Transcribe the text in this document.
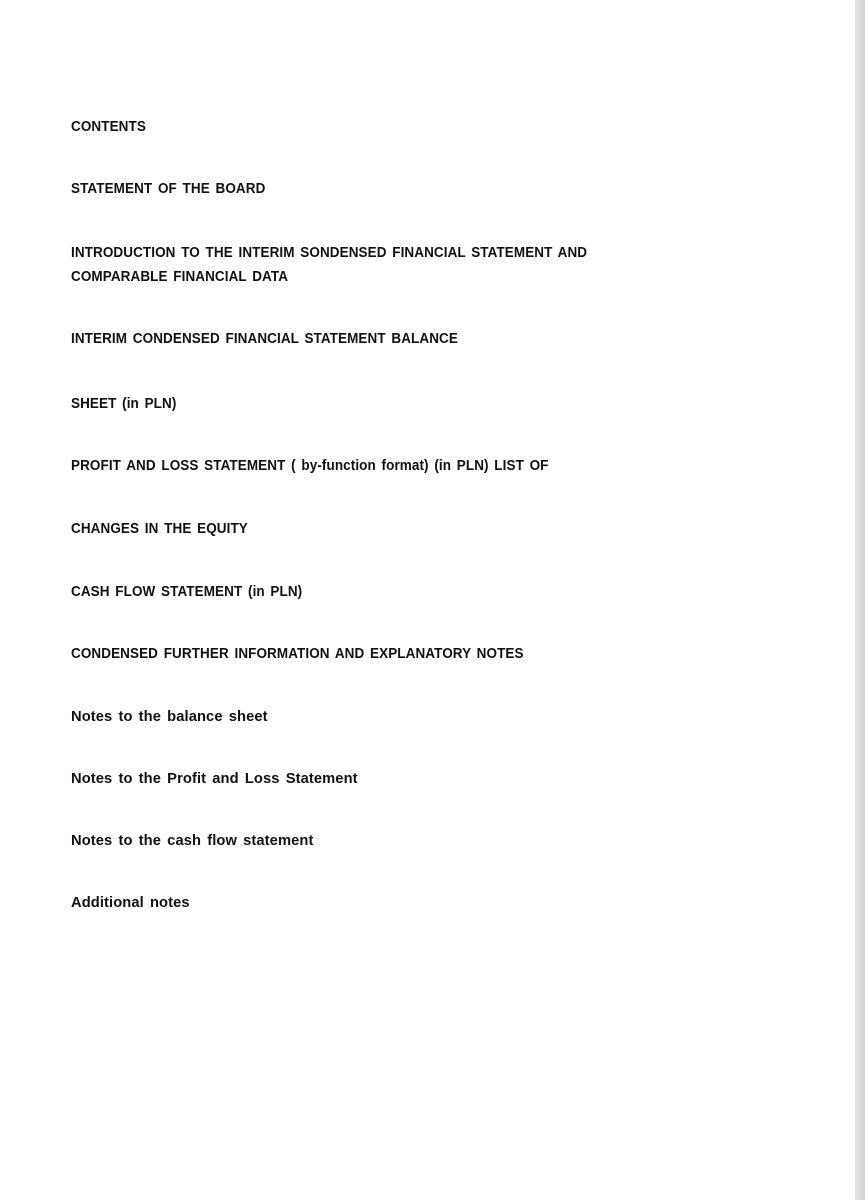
CONTENTS
STATEMENT OF THE BOARD
INTRODUCTION TO THE INTERIM SONDENSED FINANCIAL STATEMENT AND
COMPARABLE FINANCIAL DATA
INTERIM CONDENSED FINANCIAL STATEMENT BALANCE
SHEET (in PLN)
PROFIT AND LOSS STATEMENT ( by-function format) (in PLN) LIST OF
CHANGES IN THE EQUITY
CASH FLOW STATEMENT (in PLN)
CONDENSED FURTHER INFORMATION AND EXPLANATORY NOTES
Notes to the balance sheet
Notes to the Profit and Loss Statement
Notes to the cash flow statement
Additional notes
